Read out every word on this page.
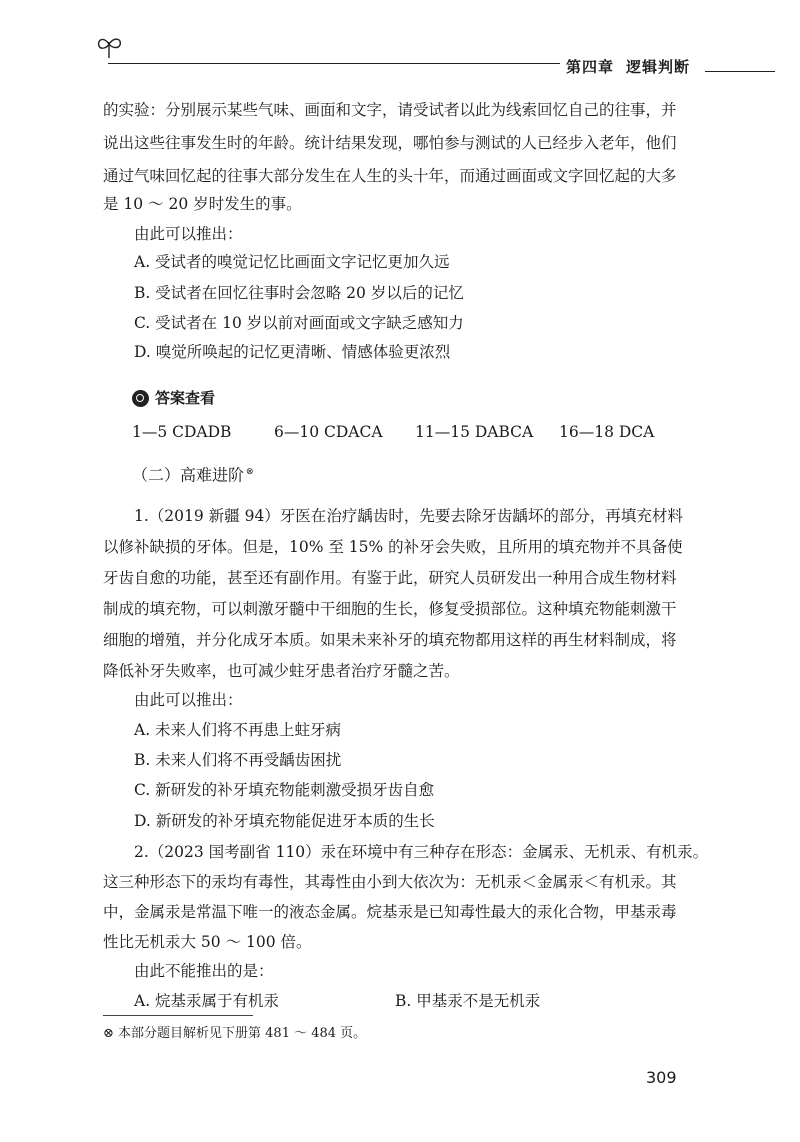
第四章 逻辑判断
的实验：分别展示某些气味、画面和文字，请受试者以此为线索回忆自己的往事，并
说出这些往事发生时的年龄。统计结果发现，哪怕参与测试的人已经步入老年，他们
通过气味回忆起的往事大部分发生在人生的头十年，而通过画面或文字回忆起的大多
是 10 ～ 20 岁时发生的事。
由此可以推出：
A. 受试者的嗅觉记忆比画面文字记忆更加久远
B. 受试者在回忆往事时会忽略 20 岁以后的记忆
C. 受试者在 10 岁以前对画面或文字缺乏感知力
D. 嗅觉所唤起的记忆更清晰、情感体验更浓烈
答案查看
1—5 CDADB	6—10 CDACA 11—15 DABCA 16—18 DCA
（二）高难进阶 ⊗
1.（2019 新疆 94）牙医在治疗龋齿时，先要去除牙齿龋坏的部分，再填充材料
以修补缺损的牙体。但是，10% 至 15% 的补牙会失败，且所用的填充物并不具备使
牙齿自愈的功能，甚至还有副作用。有鉴于此，研究人员研发出一种用合成生物材料
制成的填充物，可以刺激牙髓中干细胞的生长，修复受损部位。这种填充物能刺激干
细胞的增殖，并分化成牙本质。如果未来补牙的填充物都用这样的再生材料制成，将
降低补牙失败率，也可减少蛀牙患者治疗牙髓之苦。
由此可以推出：
A. 未来人们将不再患上蛀牙病
B. 未来人们将不再受龋齿困扰
C. 新研发的补牙填充物能刺激受损牙齿自愈
D. 新研发的补牙填充物能促进牙本质的生长
2.（2023 国考副省 110）汞在环境中有三种存在形态：金属汞、无机汞、有机汞。
这三种形态下的汞均有毒性，其毒性由小到大依次为：无机汞＜金属汞＜有机汞。其
中，金属汞是常温下唯一的液态金属。烷基汞是已知毒性最大的汞化合物，甲基汞毒
性比无机汞大 50 ～ 100 倍。
由此不能推出的是：
A. 烷基汞属于有机汞	B. 甲基汞不是无机汞
⊗ 本部分题目解析见下册第 481 ～ 484 页。
309
